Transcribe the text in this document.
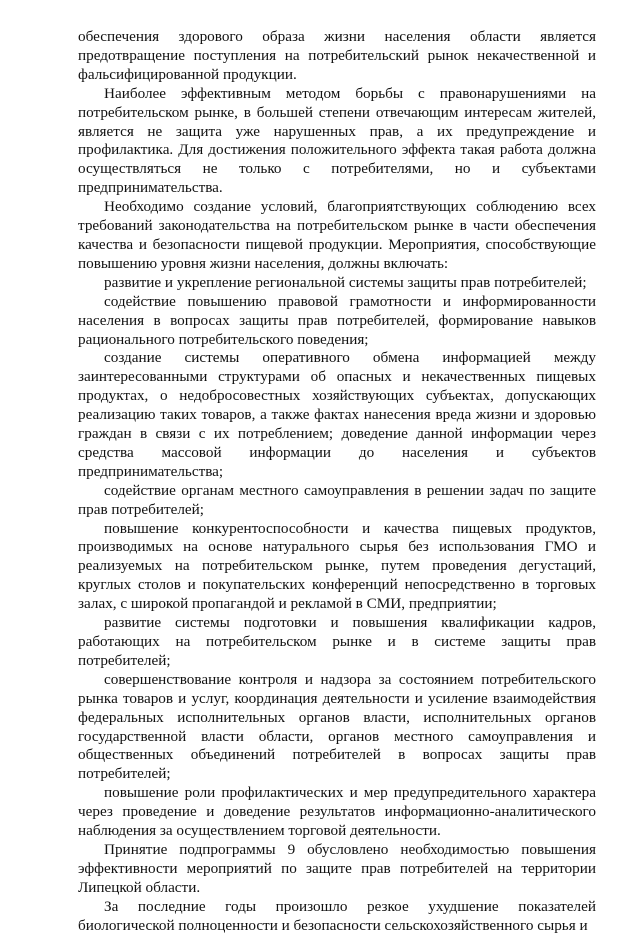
обеспечения здорового образа жизни населения области является предотвращение поступления на потребительский рынок некачественной и фальсифицированной продукции.

Наиболее эффективным методом борьбы с правонарушениями на потребительском рынке, в большей степени отвечающим интересам жителей, является не защита уже нарушенных прав, а их предупреждение и профилактика. Для достижения положительного эффекта такая работа должна осуществляться не только с потребителями, но и субъектами предпринимательства.

Необходимо создание условий, благоприятствующих соблюдению всех требований законодательства на потребительском рынке в части обеспечения качества и безопасности пищевой продукции. Мероприятия, способствующие повышению уровня жизни населения, должны включать:

развитие и укрепление региональной системы защиты прав потребителей;

содействие повышению правовой грамотности и информированности населения в вопросах защиты прав потребителей, формирование навыков рационального потребительского поведения;

создание системы оперативного обмена информацией между заинтересованными структурами об опасных и некачественных пищевых продуктах, о недобросовестных хозяйствующих субъектах, допускающих реализацию таких товаров, а также фактах нанесения вреда жизни и здоровью граждан в связи с их потреблением; доведение данной информации через средства массовой информации до населения и субъектов предпринимательства;

содействие органам местного самоуправления в решении задач по защите прав потребителей;

повышение конкурентоспособности и качества пищевых продуктов, производимых на основе натурального сырья без использования ГМО и реализуемых на потребительском рынке, путем проведения дегустаций, круглых столов и покупательских конференций непосредственно в торговых залах, с широкой пропагандой и рекламой в СМИ, предприятии;

развитие системы подготовки и повышения квалификации кадров, работающих на потребительском рынке и в системе защиты прав потребителей;

совершенствование контроля и надзора за состоянием потребительского рынка товаров и услуг, координация деятельности и усиление взаимодействия федеральных исполнительных органов власти, исполнительных органов государственной власти области, органов местного самоуправления и общественных объединений потребителей в вопросах защиты прав потребителей;

повышение роли профилактических и мер предупредительного характера через проведение и доведение результатов информационно-аналитического наблюдения за осуществлением торговой деятельности.

Принятие подпрограммы 9 обусловлено необходимостью повышения эффективности мероприятий по защите прав потребителей на территории Липецкой области.

За последние годы произошло резкое ухудшение показателей биологической полноценности и безопасности сельскохозяйственного сырья и
